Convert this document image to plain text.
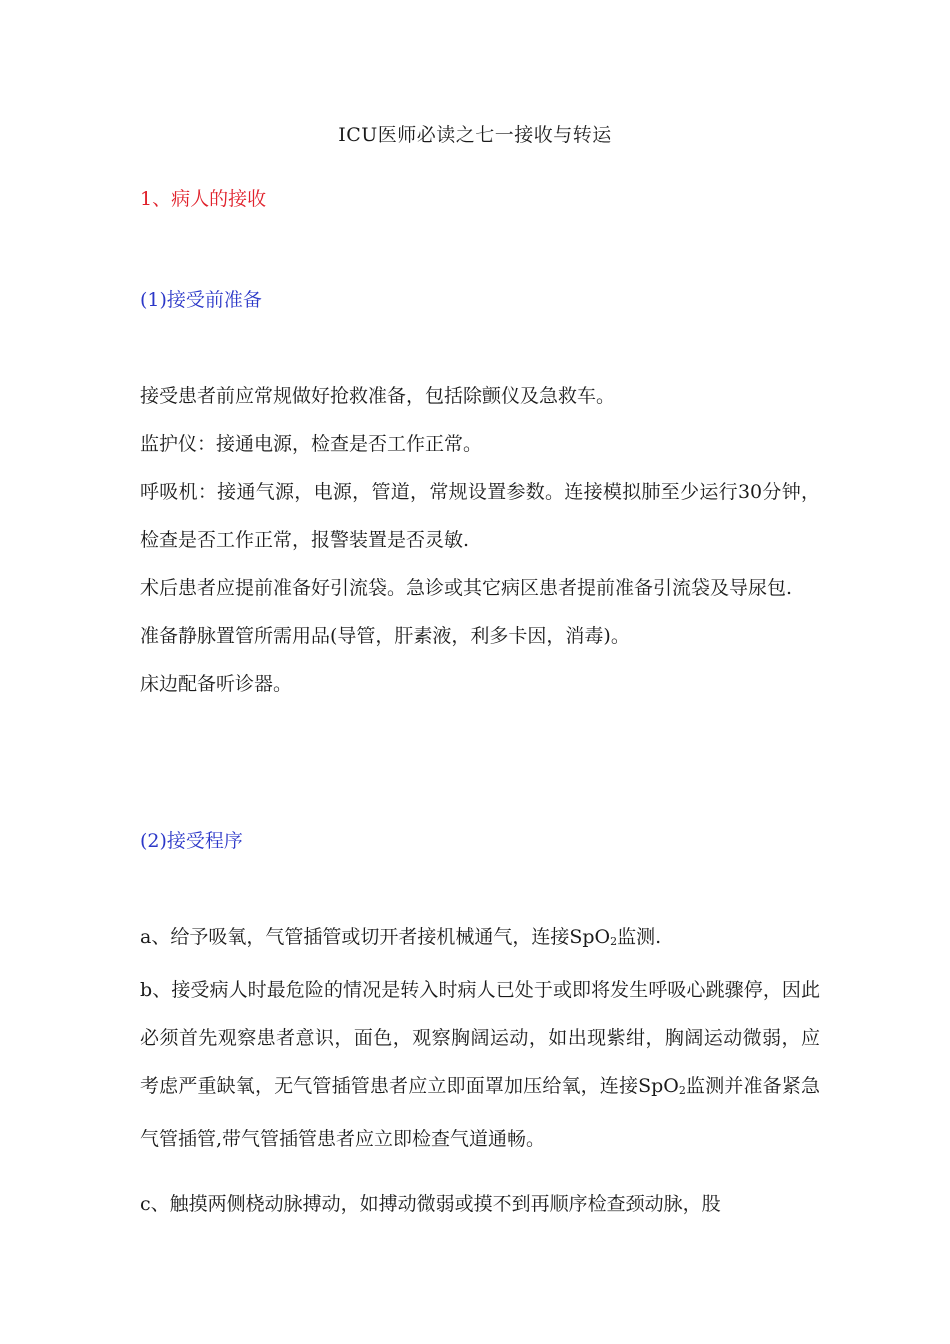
ICU医师必读之七一接收与转运
1、病人的接收
(1)接受前准备

接受患者前应常规做好抢救准备，包括除颤仪及急救车。

监护仪：接通电源，检查是否工作正常。

呼吸机：接通气源，电源，管道，常规设置参数。连接模拟肺至少运行30分钟，检查是否工作正常，报警装置是否灵敏.

术后患者应提前准备好引流袋。急诊或其它病区患者提前准备引流袋及导尿包.

准备静脉置管所需用品(导管，肝素液，利多卡因，消毒)。

床边配备听诊器。

(2)接受程序

a、给予吸氧，气管插管或切开者接机械通气，连接SpO$_2$监测.

b、接受病人时最危险的情况是转入时病人已处于或即将发生呼吸心跳骤停，因此必须首先观察患者意识，面色，观察胸阔运动，如出现紫绀，胸阔运动微弱，应考虑严重缺氧，无气管插管患者应立即面罩加压给氧，连接SpO$_2$监测并准备紧急气管插管,带气管插管患者应立即检查气道通畅。

c、触摸两侧桡动脉搏动，如搏动微弱或摸不到再顺序检查颈动脉，股
